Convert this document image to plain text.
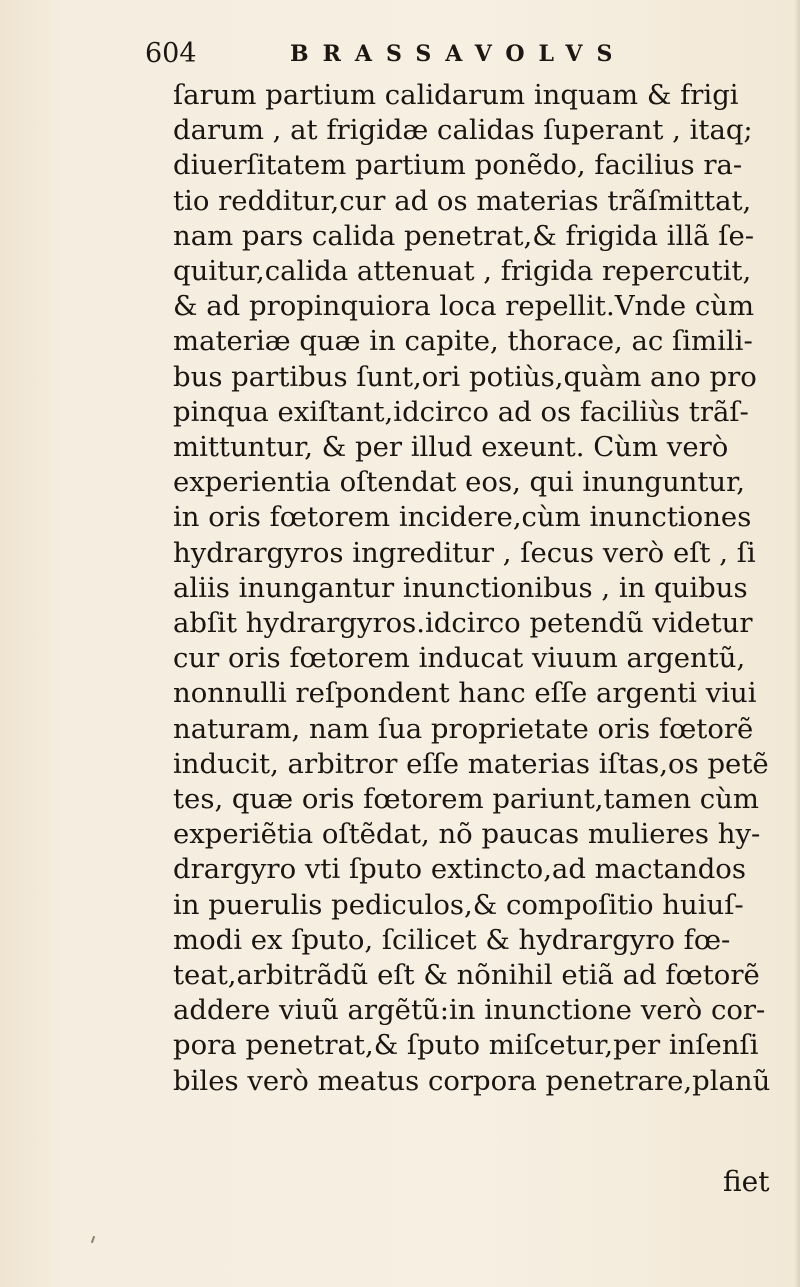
604	BRASSAVOLVS
ſarum partium calidarum inquam & frigi
darum , at frigidæ calidas ſuperant , itaq;
diuerſitatem partium ponẽdo, facilius ra-
tio redditur,cur ad os materias trãſmittat,
nam pars calida penetrat,& frigida illã ſe-
quitur,calida attenuat , frigida repercutit,
& ad propinquiora loca repellit.Vnde cùm
materiæ quæ in capite, thorace, ac ſimili-
bus partibus ſunt,ori potiùs,quàm ano pro
pinqua exiſtant,idcirco ad os faciliùs trãſ-
mittuntur, & per illud exeunt. Cùm verò
experientia oſtendat eos, qui inunguntur,
in oris fœtorem incidere,cùm inunctiones
hydrargyros ingreditur , ſecus verò eſt , ſi
aliis inungantur inunctionibus , in quibus
abſit hydrargyros.idcirco petendũ videtur
cur oris fœtorem inducat viuum argentũ,
nonnulli reſpondent hanc eſſe argenti viui
naturam, nam ſua proprietate oris fœtorẽ
inducit, arbitror eſſe materias iſtas,os petẽ
tes, quæ oris fœtorem pariunt,tamen cùm
experiẽtia oſtẽdat, nõ paucas mulieres hy-
drargyro vti ſputo extincto,ad mactandos
in puerulis pediculos,& compoſitio huiuſ-
modi ex ſputo, ſcilicet & hydrargyro fœ-
teat,arbitrãdũ eſt & nõnihil etiã ad fœtorẽ
addere viuũ argẽtũ:in inunctione verò cor-
pora penetrat,& ſputo miſcetur,per inſenſi
biles verò meatus corpora penetrare,planũ
fiet
